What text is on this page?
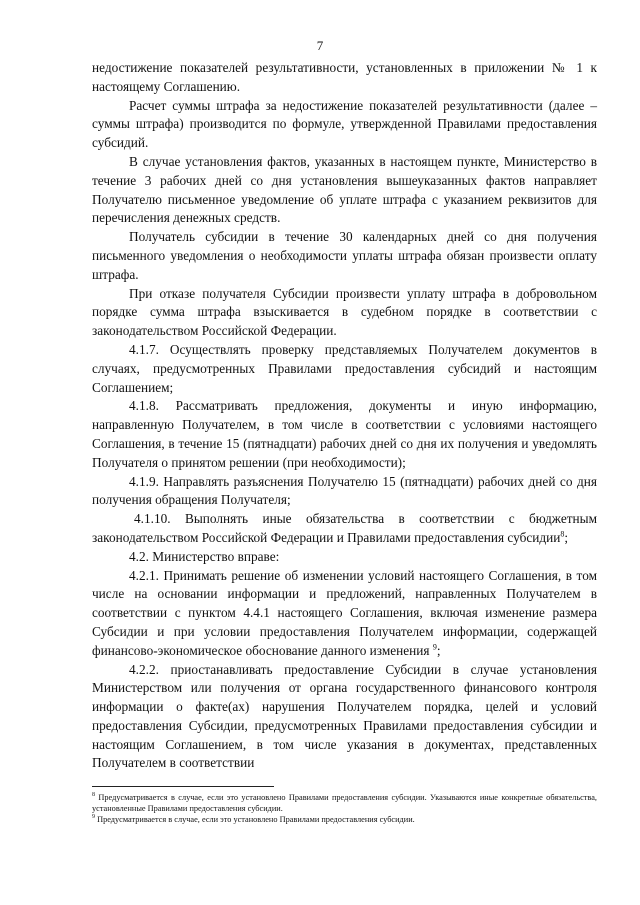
7

недостижение показателей результативности, установленных в приложении № 1 к настоящему Соглашению.

Расчет суммы штрафа за недостижение показателей результативности (далее – суммы штрафа) производится по формуле, утвержденной Правилами предоставления субсидий.

В случае установления фактов, указанных в настоящем пункте, Министерство в течение 3 рабочих дней со дня установления вышеуказанных фактов направляет Получателю письменное уведомление об уплате штрафа с указанием реквизитов для перечисления денежных средств.

Получатель субсидии в течение 30 календарных дней со дня получения письменного уведомления о необходимости уплаты штрафа обязан произвести оплату штрафа.

При отказе получателя Субсидии произвести уплату штрафа в добровольном порядке сумма штрафа взыскивается в судебном порядке в соответствии с законодательством Российской Федерации.

4.1.7. Осуществлять проверку представляемых Получателем документов в случаях, предусмотренных Правилами предоставления субсидий и настоящим Соглашением;

4.1.8. Рассматривать предложения, документы и иную информацию, направленную Получателем, в том числе в соответствии с условиями настоящего Соглашения, в течение 15 (пятнадцати) рабочих дней со дня их получения и уведомлять Получателя о принятом решении (при необходимости);

4.1.9. Направлять разъяснения Получателю 15 (пятнадцати) рабочих дней со дня получения обращения Получателя;

4.1.10. Выполнять иные обязательства в соответствии с бюджетным законодательством Российской Федерации и Правилами предоставления субсидии$^8$;

4.2. Министерство вправе:

4.2.1. Принимать решение об изменении условий настоящего Соглашения, в том числе на основании информации и предложений, направленных Получателем в соответствии с пунктом 4.4.1 настоящего Соглашения, включая изменение размера Субсидии и при условии предоставления Получателем информации, содержащей финансово-экономическое обоснование данного изменения $^9$;

4.2.2. приостанавливать предоставление Субсидии в случае установления Министерством или получения от органа государственного финансового контроля информации о факте(ах) нарушения Получателем порядка, целей и условий предоставления Субсидии, предусмотренных Правилами предоставления субсидии и настоящим Соглашением, в том числе указания в документах, представленных Получателем в соответствии

$^8$ Предусматривается в случае, если это установлено Правилами предоставления субсидии. Указываются иные конкретные обязательства, установленные Правилами предоставления субсидии.

$^9$ Предусматривается в случае, если это установлено Правилами предоставления субсидии.
